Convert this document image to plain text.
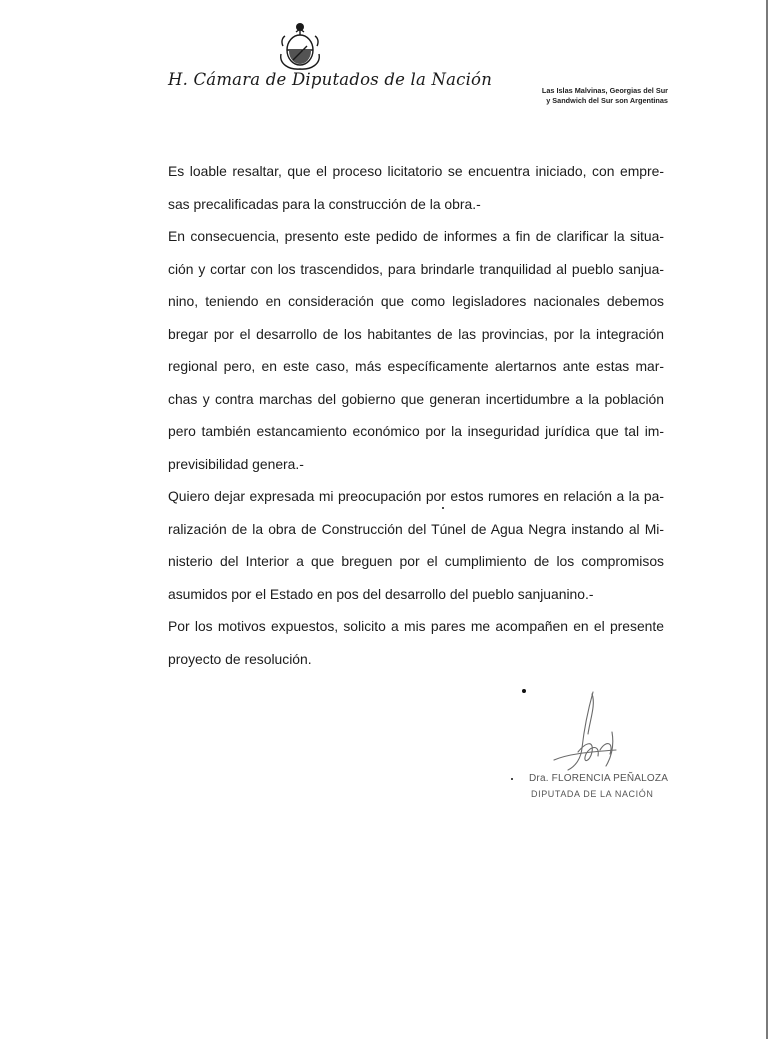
H. Cámara de Diputados de la Nación
Las Islas Malvinas, Georgias del Sur
y Sandwich del Sur son Argentinas
Es loable resaltar, que el proceso licitatorio se encuentra iniciado, con empre-
sas precalificadas para la construcción de la obra.-
En consecuencia, presento este pedido de informes a fin de clarificar la situa-
ción y cortar con los trascendidos, para brindarle tranquilidad al pueblo sanjua-
nino, teniendo en consideración que como legisladores nacionales debemos
bregar por el desarrollo de los habitantes de las provincias, por la integración
regional pero, en este caso, más específicamente alertarnos ante estas mar-
chas y contra marchas del gobierno que generan incertidumbre a la población
pero también estancamiento económico por la inseguridad jurídica que tal im-
previsibilidad genera.-
Quiero dejar expresada mi preocupación por estos rumores en relación a la pa-
ralización de la obra de Construcción del Túnel de Agua Negra instando al Mi-
nisterio del Interior a que breguen por el cumplimiento de los compromisos
asumidos por el Estado en pos del desarrollo del pueblo sanjuanino.-
Por los motivos expuestos, solicito a mis pares me acompañen en el presente
proyecto de resolución.
Dra. FLORENCIA PEÑALOZA
DIPUTADA DE LA NACIÓN
